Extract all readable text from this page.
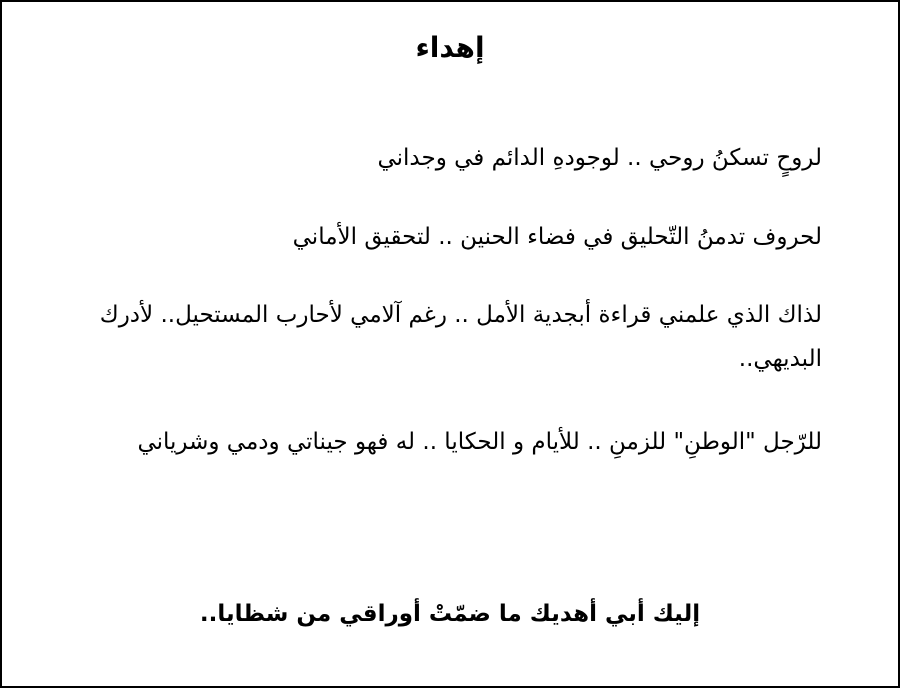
إهداء

لروحٍ تسكنُ روحي .. لوجودهِ الدائم في وجداني

لحروف تدمنُ التّحليق في فضاء الحنين .. لتحقيق الأماني

لذاك الذي علمني قراءة أبجدية الأمل .. رغم آلامي لأحارب المستحيل.. لأدرك البديهي..

للرّجل "الوطنِ" للزمنِ .. للأيام و الحكايا .. له فهو جيناتي ودمي وشرياني

إليك أبي أهديك ما ضمّتْ أوراقي من شظايا..
